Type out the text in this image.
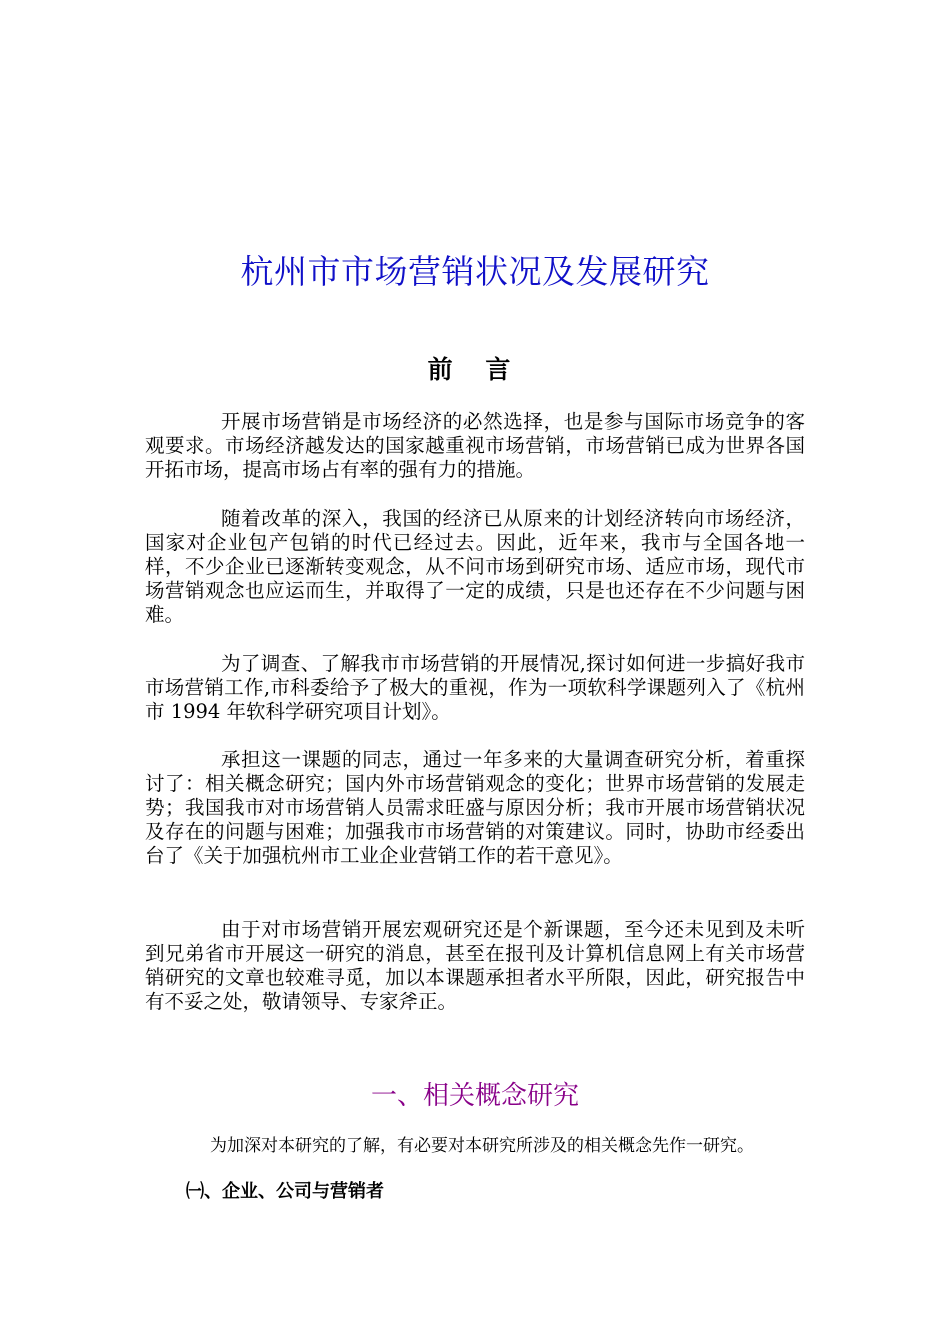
杭州市市场营销状况及发展研究
前 言

开展市场营销是市场经济的必然选择，也是参与国际市场竞争的客观要求。市场经济越发达的国家越重视市场营销，市场营销已成为世界各国开拓市场，提高市场占有率的强有力的措施。

随着改革的深入，我国的经济已从原来的计划经济转向市场经济，国家对企业包产包销的时代已经过去。因此，近年来，我市与全国各地一样，不少企业已逐渐转变观念，从不问市场到研究市场、适应市场，现代市场营销观念也应运而生，并取得了一定的成绩，只是也还存在不少问题与困难。

为了调查、了解我市市场营销的开展情况,探讨如何进一步搞好我市市场营销工作,市科委给予了极大的重视，作为一项软科学课题列入了《杭州市 1994 年软科学研究项目计划》。

承担这一课题的同志，通过一年多来的大量调查研究分析，着重探讨了：相关概念研究；国内外市场营销观念的变化；世界市场营销的发展走势；我国我市对市场营销人员需求旺盛与原因分析；我市开展市场营销状况及存在的问题与困难；加强我市市场营销的对策建议。同时，协助市经委出台了《关于加强杭州市工业企业营销工作的若干意见》。

由于对市场营销开展宏观研究还是个新课题，至今还未见到及未听到兄弟省市开展这一研究的消息，甚至在报刊及计算机信息网上有关市场营销研究的文章也较难寻觅，加以本课题承担者水平所限，因此，研究报告中有不妥之处，敬请领导、专家斧正。

一、相关概念研究
为加深对本研究的了解，有必要对本研究所涉及的相关概念先作一研究。
㈠、企业、公司与营销者
